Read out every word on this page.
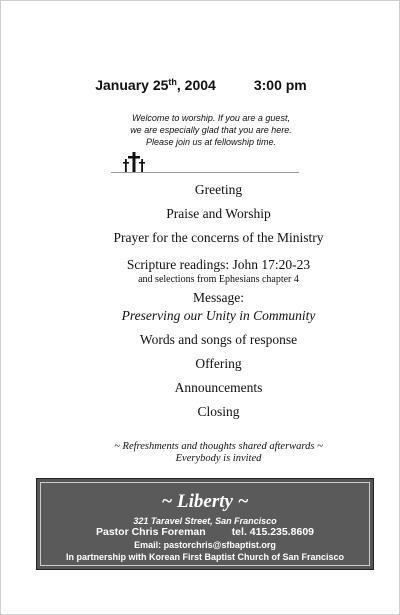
January 25th, 2004	3:00 pm
Welcome to worship. If you are a guest,
we are especially glad that you are here.
Please join us at fellowship time.
Greeting
Praise and Worship
Prayer for the concerns of the Ministry
Scripture readings: John 17:20-23
and selections from Ephesians chapter 4
Message:
Preserving our Unity in Community
Words and songs of response
Offering
Announcements
Closing
~ Refreshments and thoughts shared afterwards ~
Everybody is invited
~ Liberty ~
321 Taravel Street, San Francisco
Pastor Chris Foreman tel. 415.235.8609
Email: pastorchris@sfbaptist.org
In partnership with Korean First Baptist Church of San Francisco
